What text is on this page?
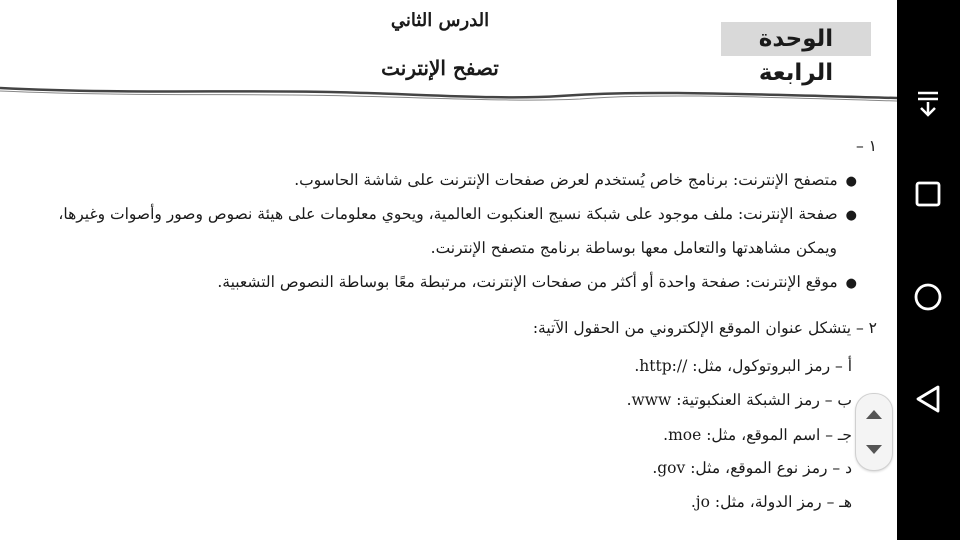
الدرس الثاني
تصفح الإنترنت
الوحدة الرابعة
١ –
●متصفح الإنترنت: برنامج خاص يُستخدم لعرض صفحات الإنترنت على شاشة الحاسوب.
●صفحة الإنترنت: ملف موجود على شبكة نسيج العنكبوت العالمية، ويحوي معلومات على هيئة نصوص وصور وأصوات وغيرها،
ويمكن مشاهدتها والتعامل معها بوساطة برنامج متصفح الإنترنت.
●موقع الإنترنت: صفحة واحدة أو أكثر من صفحات الإنترنت، مرتبطة معًا بوساطة النصوص التشعبية.
٢ – يتشكل عنوان الموقع الإلكتروني من الحقول الآتية:
أ – رمز البروتوكول، مثل: //:http.
ب – رمز الشبكة العنكبوتية: www.
جـ – اسم الموقع، مثل: moe.
د – رمز نوع الموقع، مثل: gov.
هـ – رمز الدولة، مثل: jo.
